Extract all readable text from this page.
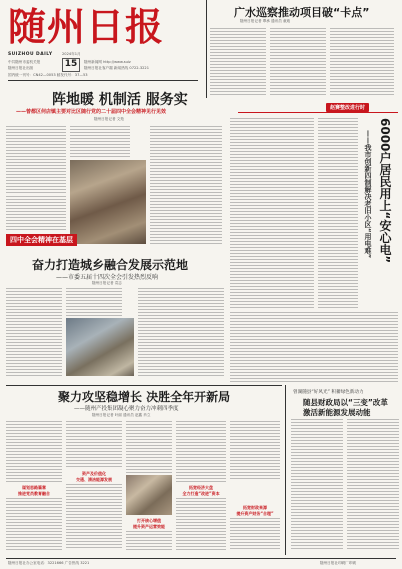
随州日报
SUIZHOU DAILY
中共随州市委机关报
随州日报社出版
国内统一刊号：CN42—0053 邮发代号：37—53
15
2024年1月
随州新闻网 http://www.suiz
随州日报社客户端 新闻热线 0722-3221
广水巡察推动项目破“卡点”
随州日报记者 覃承 通讯员 童迪
赵赛整改进行时
6000户居民用上“安心电”
——我市创新四制解决老旧小区“用电难”
阵地暖 机制活 服务实
——曾都区何店镇主要对比区随行党的二十届四中全会精神见行见效
随州日报记者 文苑
四中全会精神在基层
奋力打造城乡融合发展示范地
——市委五届十四次全会引发热烈反响
随州日报记者 袁志
聚力攻坚稳增长 决胜全年开新局
——随州产投集团凝心聚力奋力冲刺四季度
随州日报记者 叶丽 通讯员 赵鑫 肖立
谋划思路篇章
推进党员教育融合
资产及价值化
交通、清洁能源发展
打开核心增值
提升资产运营效能
拓宽经济大盘
全力打造“改进”资本
拓宽财政来源
提升资产财务“合理”
曾湖随县“好风光” 积蓄绿色新动力
随县财政局以“三变”改革
激活新能源发展动能
随州日报社办公室电话：3221666 广告热线 3221	随州日报社印刷厂印刷
